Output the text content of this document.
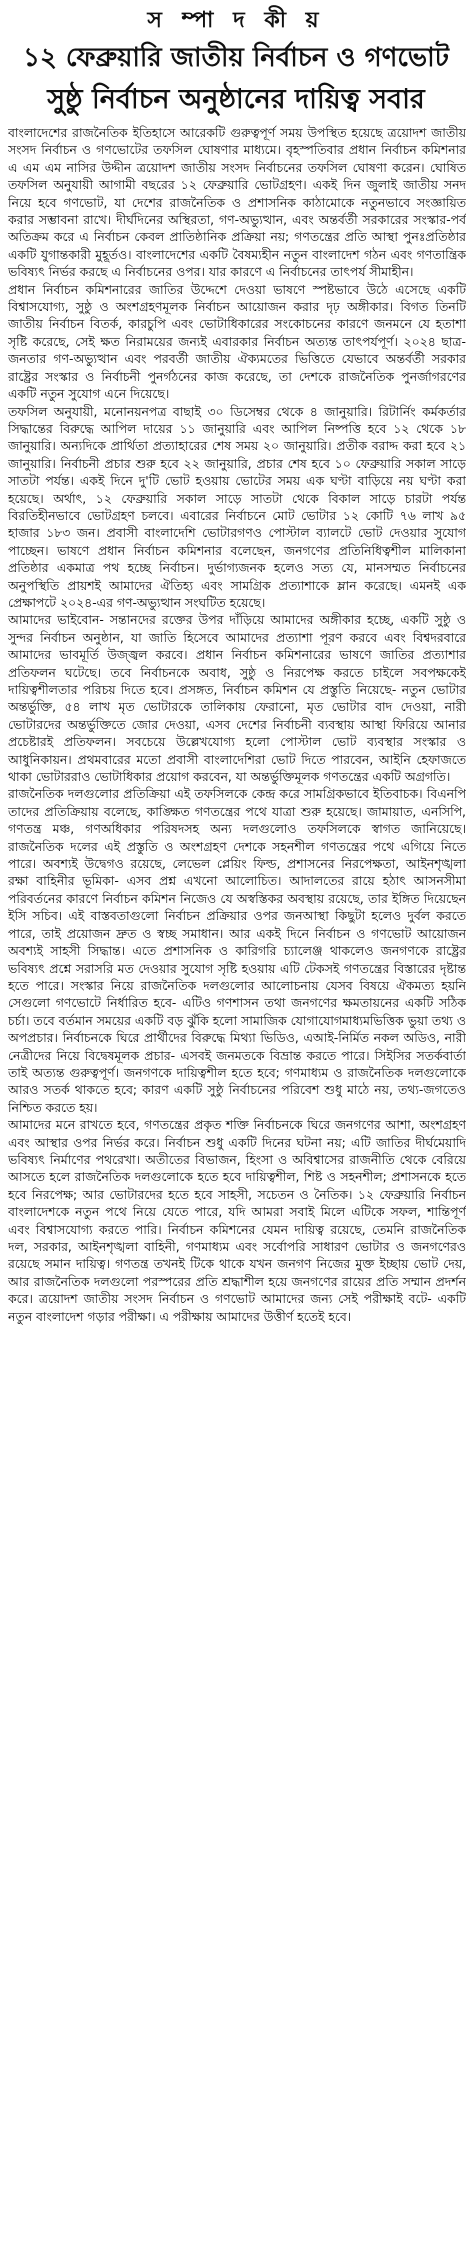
স ম্পা দ কী য়
১২ ফেব্রুয়ারি জাতীয় নির্বাচন ও গণভোট
সুষ্ঠু নির্বাচন অনুষ্ঠানের দায়িত্ব সবার

বাংলাদেশের রাজনৈতিক ইতিহাসে আরেকটি গুরুত্বপূর্ণ সময় উপস্থিত হয়েছে ত্রয়োদশ জাতীয় সংসদ নির্বাচন ও গণভোটের তফসিল ঘোষণার মাধ্যমে। বৃহস্পতিবার প্রধান নির্বাচন কমিশনার এ এম এম নাসির উদ্দীন ত্রয়োদশ জাতীয় সংসদ নির্বাচনের তফসিল ঘোষণা করেন। ঘোষিত তফসিল অনুযায়ী আগামী বছরের ১২ ফেব্রুয়ারি ভোটগ্রহণ। একই দিন জুলাই জাতীয় সনদ নিয়ে হবে গণভোট, যা দেশের রাজনৈতিক ও প্রশাসনিক কাঠামোকে নতুনভাবে সংজ্ঞায়িত করার সম্ভাবনা রাখে। দীর্ঘদিনের অস্থিরতা, গণ-অভ্যুত্থান, এবং অন্তর্বর্তী সরকারের সংস্কার-পর্ব অতিক্রম করে এ নির্বাচন কেবল প্রাতিষ্ঠানিক প্রক্রিয়া নয়; গণতন্ত্রের প্রতি আস্থা পুনঃপ্রতিষ্ঠার একটি যুগান্তকারী মুহূর্তও। বাংলাদেশের একটি বৈষম্যহীন নতুন বাংলাদেশ গঠন এবং গণতান্ত্রিক ভবিষ্যৎ নির্ভর করছে এ নির্বাচনের ওপর। যার কারণে এ নির্বাচনের তাৎপর্য সীমাহীন।

প্রধান নির্বাচন কমিশনারের জাতির উদ্দেশে দেওয়া ভাষণে স্পষ্টভাবে উঠে এসেছে একটি বিশ্বাসযোগ্য, সুষ্ঠু ও অংশগ্রহণমূলক নির্বাচন আয়োজন করার দৃঢ় অঙ্গীকার। বিগত তিনটি জাতীয় নির্বাচন বিতর্ক, কারচুপি এবং ভোটাধিকারের সংকোচনের কারণে জনমনে যে হতাশা সৃষ্টি করেছে, সেই ক্ষত নিরাময়ের জন্যই এবারকার নির্বাচন অত্যন্ত তাৎপর্যপূর্ণ। ২০২৪ ছাত্র-জনতার গণ-অভ্যুত্থান এবং পরবর্তী জাতীয় ঐক্যমতের ভিত্তিতে যেভাবে অন্তর্বর্তী সরকার রাষ্ট্রের সংস্কার ও নির্বাচনী পুনর্গঠনের কাজ করেছে, তা দেশকে রাজনৈতিক পুনর্জাগরণের একটি নতুন সুযোগ এনে দিয়েছে।

তফসিল অনুযায়ী, মনোনয়নপত্র বাছাই ৩০ ডিসেম্বর থেকে ৪ জানুয়ারি। রিটার্নিং কর্মকর্তার সিদ্ধান্তের বিরুদ্ধে আপিল দায়ের ১১ জানুয়ারি এবং আপিল নিষ্পত্তি হবে ১২ থেকে ১৮ জানুয়ারি। অন্যদিকে প্রার্থিতা প্রত্যাহারের শেষ সময় ২০ জানুয়ারি। প্রতীক বরাদ্দ করা হবে ২১ জানুয়ারি। নির্বাচনী প্রচার শুরু হবে ২২ জানুয়ারি, প্রচার শেষ হবে ১০ ফেব্রুয়ারি সকাল সাড়ে সাতটা পর্যন্ত। একই দিনে দু'টি ভোট হওয়ায় ভোটের সময় এক ঘণ্টা বাড়িয়ে নয় ঘণ্টা করা হয়েছে। অর্থাৎ, ১২ ফেব্রুয়ারি সকাল সাড়ে সাতটা থেকে বিকাল সাড়ে চারটা পর্যন্ত বিরতিহীনভাবে ভোটগ্রহণ চলবে। এবারের নির্বাচনে মোট ভোটার ১২ কোটি ৭৬ লাখ ৯৫ হাজার ১৮৩ জন। প্রবাসী বাংলাদেশি ভোটারগণও পোস্টাল ব্যালটে ভোট দেওয়ার সুযোগ পাচ্ছেন। ভাষণে প্রধান নির্বাচন কমিশনার বলেছেন, জনগণের প্রতিনিধিত্বশীল মালিকানা প্রতিষ্ঠার একমাত্র পথ হচ্ছে নির্বাচন। দুর্ভাগ্যজনক হলেও সত্য যে, মানসম্মত নির্বাচনের অনুপস্থিতি প্রায়শই আমাদের ঐতিহ্য এবং সামগ্রিক প্রত্যাশাকে ম্লান করেছে। এমনই এক প্রেক্ষাপটে ২০২৪-এর গণ-অভ্যুত্থান সংঘটিত হয়েছে।

আমাদের ভাইবোন- সন্তানদের রক্তের উপর দাঁড়িয়ে আমাদের অঙ্গীকার হচ্ছে, একটি সুষ্ঠু ও সুন্দর নির্বাচন অনুষ্ঠান, যা জাতি হিসেবে আমাদের প্রত্যাশা পূরণ করবে এবং বিশ্বদরবারে আমাদের ভাবমূর্তি উজ্জ্বল করবে। প্রধান নির্বাচন কমিশনারের ভাষণে জাতির প্রত্যাশার প্রতিফলন ঘটেছে। তবে নির্বাচনকে অবাধ, সুষ্ঠু ও নিরপেক্ষ করতে চাইলে সবপক্ষকেই দায়িত্বশীলতার পরিচয় দিতে হবে। প্রসঙ্গত, নির্বাচন কমিশন যে প্রস্তুতি নিয়েছে- নতুন ভোটার অন্তর্ভুক্তি, ৫৪ লাখ মৃত ভোটারকে তালিকায় ফেরানো, মৃত ভোটার বাদ দেওয়া, নারী ভোটারদের অন্তর্ভুক্তিতে জোর দেওয়া, এসব দেশের নির্বাচনী ব্যবস্থায় আস্থা ফিরিয়ে আনার প্রচেষ্টারই প্রতিফলন। সবচেয়ে উল্লেখযোগ্য হলো পোস্টাল ভোট ব্যবস্থার সংস্কার ও আধুনিকায়ন। প্রথমবারের মতো প্রবাসী বাংলাদেশিরা ভোট দিতে পারবেন, আইনি হেফাজতে থাকা ভোটাররাও ভোটাধিকার প্রয়োগ করবেন, যা অন্তর্ভুক্তিমূলক গণতন্ত্রের একটি অগ্রগতি।

রাজনৈতিক দলগুলোর প্রতিক্রিয়া এই তফসিলকে কেন্দ্র করে সামগ্রিকভাবে ইতিবাচক। বিএনপি তাদের প্রতিক্রিয়ায় বলেছে, কাঙ্ক্ষিত গণতন্ত্রের পথে যাত্রা শুরু হয়েছে। জামায়াত, এনসিপি, গণতন্ত্র মঞ্চ, গণঅধিকার পরিষদসহ অন্য দলগুলোও তফসিলকে স্বাগত জানিয়েছে। রাজনৈতিক দলের এই প্রস্তুতি ও অংশগ্রহণ দেশকে সহনশীল গণতন্ত্রের পথে এগিয়ে নিতে পারে। অবশ্যই উদ্বেগও রয়েছে, লেভেল প্লেয়িং ফিল্ড, প্রশাসনের নিরপেক্ষতা, আইনশৃঙ্খলা রক্ষা বাহিনীর ভূমিকা- এসব প্রশ্ন এখনো আলোচিত। আদালতের রায়ে হঠাৎ আসনসীমা পরিবর্তনের কারণে নির্বাচন কমিশন নিজেও যে অস্বস্তিকর অবস্থায় রয়েছে, তার ইঙ্গিত দিয়েছেন ইসি সচিব। এই বাস্তবতাগুলো নির্বাচন প্রক্রিয়ার ওপর জনআস্থা কিছুটা হলেও দুর্বল করতে পারে, তাই প্রয়োজন দ্রুত ও স্বচ্ছ সমাধান। আর একই দিনে নির্বাচন ও গণভোট আয়োজন অবশ্যই সাহসী সিদ্ধান্ত। এতে প্রশাসনিক ও কারিগরি চ্যালেঞ্জ থাকলেও জনগণকে রাষ্ট্রের ভবিষ্যৎ প্রশ্নে সরাসরি মত দেওয়ার সুযোগ সৃষ্টি হওয়ায় এটি টেকসই গণতন্ত্রের বিস্তারের দৃষ্টান্ত হতে পারে। সংস্কার নিয়ে রাজনৈতিক দলগুলোর আলোচনায় যেসব বিষয়ে ঐকমত্য হয়নি সেগুলো গণভোটে নির্ধারিত হবে- এটিও গণশাসন তথা জনগণের ক্ষমতায়নের একটি সঠিক চর্চা। তবে বর্তমান সময়ের একটি বড় ঝুঁকি হলো সামাজিক যোগাযোগমাধ্যমভিত্তিক ভুয়া তথ্য ও অপপ্রচার। নির্বাচনকে ঘিরে প্রার্থীদের বিরুদ্ধে মিথ্যা ভিডিও, এআই-নির্মিত নকল অডিও, নারী নেত্রীদের নিয়ে বিদ্বেষমূলক প্রচার- এসবই জনমতকে বিভ্রান্ত করতে পারে। সিইসির সতর্কবার্তা তাই অত্যন্ত গুরুত্বপূর্ণ। জনগণকে দায়িত্বশীল হতে হবে; গণমাধ্যম ও রাজনৈতিক দলগুলোকে আরও সতর্ক থাকতে হবে; কারণ একটি সুষ্ঠু নির্বাচনের পরিবেশ শুধু মাঠে নয়, তথ্য-জগতেও নিশ্চিত করতে হয়।

আমাদের মনে রাখতে হবে, গণতন্ত্রের প্রকৃত শক্তি নির্বাচনকে ঘিরে জনগণের আশা, অংশগ্রহণ এবং আস্থার ওপর নির্ভর করে। নির্বাচন শুধু একটি দিনের ঘটনা নয়; এটি জাতির দীর্ঘমেয়াদি ভবিষ্যৎ নির্মাণের পথরেখা। অতীতের বিভাজন, হিংসা ও অবিশ্বাসের রাজনীতি থেকে বেরিয়ে আসতে হলে রাজনৈতিক দলগুলোকে হতে হবে দায়িত্বশীল, শিষ্ট ও সহনশীল; প্রশাসনকে হতে হবে নিরপেক্ষ; আর ভোটারদের হতে হবে সাহসী, সচেতন ও নৈতিক। ১২ ফেব্রুয়ারি নির্বাচন বাংলাদেশকে নতুন পথে নিয়ে যেতে পারে, যদি আমরা সবাই মিলে এটিকে সফল, শান্তিপূর্ণ এবং বিশ্বাসযোগ্য করতে পারি। নির্বাচন কমিশনের যেমন দায়িত্ব রয়েছে, তেমনি রাজনৈতিক দল, সরকার, আইনশৃঙ্খলা বাহিনী, গণমাধ্যম এবং সর্বোপরি সাধারণ ভোটার ও জনগণেরও রয়েছে সমান দায়িত্ব। গণতন্ত্র তখনই টিকে থাকে যখন জনগণ নিজের মুক্ত ইচ্ছায় ভোট দেয়, আর রাজনৈতিক দলগুলো পরস্পরের প্রতি শ্রদ্ধাশীল হয়ে জনগণের রায়ের প্রতি সম্মান প্রদর্শন করে। ত্রয়োদশ জাতীয় সংসদ নির্বাচন ও গণভোট আমাদের জন্য সেই পরীক্ষাই বটে- একটি নতুন বাংলাদেশ গড়ার পরীক্ষা। এ পরীক্ষায় আমাদের উত্তীর্ণ হতেই হবে।
